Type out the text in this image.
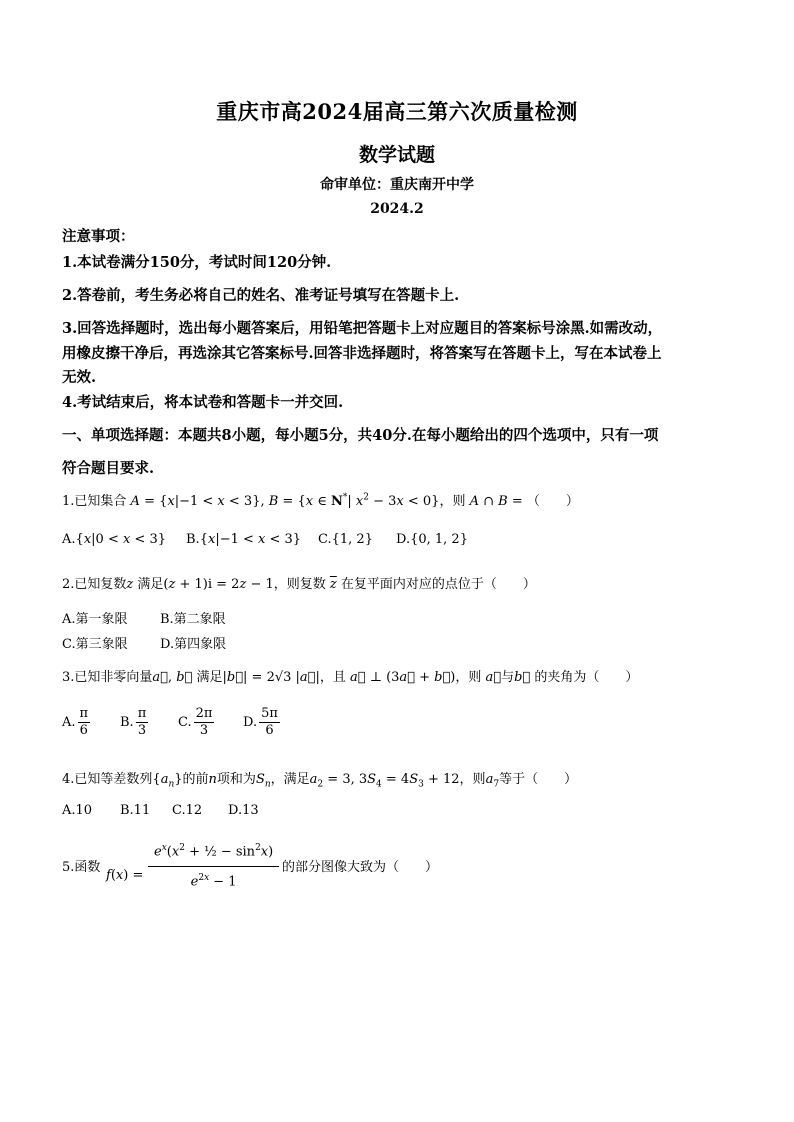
重庆市高2024届高三第六次质量检测
数学试题
命审单位：重庆南开中学
2024.2
注意事项：
1.本试卷满分150分，考试时间120分钟.
2.答卷前，考生务必将自己的姓名、准考证号填写在答题卡上.
3.回答选择题时，选出每小题答案后，用铅笔把答题卡上对应题目的答案标号涂黑.如需改动，
用橡皮擦干净后，再选涂其它答案标号.回答非选择题时，将答案写在答题卡上，写在本试卷上
无效.
4.考试结束后，将本试卷和答题卡一并交回.
一、单项选择题：本题共8小题，每小题5分，共40分.在每小题给出的四个选项中，只有一项
符合题目要求.
1.已知集合 A = {x|−1 < x < 3}, B = {x ∈ N*| $x^2 - 3x < 0$}，则 A ∩ B = （　　）
A.{x|0 < x < 3} B.{x|−1 < x < 3} C.{1, 2} D.{0, 1, 2}
2.已知复数z 满足(z + 1)i = 2z − 1，则复数 $\overline{z}$ 在复平面内对应的点位于（　　）
A.第一象限 B.第二象限
C.第三象限 D.第四象限
3.已知非零向量a⃗, b⃗ 满足|b⃗| = 2√3 |a⃗|，且 a⃗ ⊥ (3a⃗ + b⃗)，则 a⃗与b⃗ 的夹角为（　　）
A. $\frac{\pi}{6} B$. $\frac{\pi}{3} C$. $\frac{2\pi}{3} D$. $\frac{5\pi}{6}$
4.已知等差数列$\{a_n\}$的前n项和为$S_n$，满足$a_2 = 3$, $3S_4 = 4S_3 + 12$，则$a_7$等于（　　）
A.10 B.11 C.12 D.13
5.函数
$f(x) = \frac{e^x(x^2 + \frac{1}{2} - \sin^2x)}{e^{2x} - 1}$ 的部分图像大致为（　　）
